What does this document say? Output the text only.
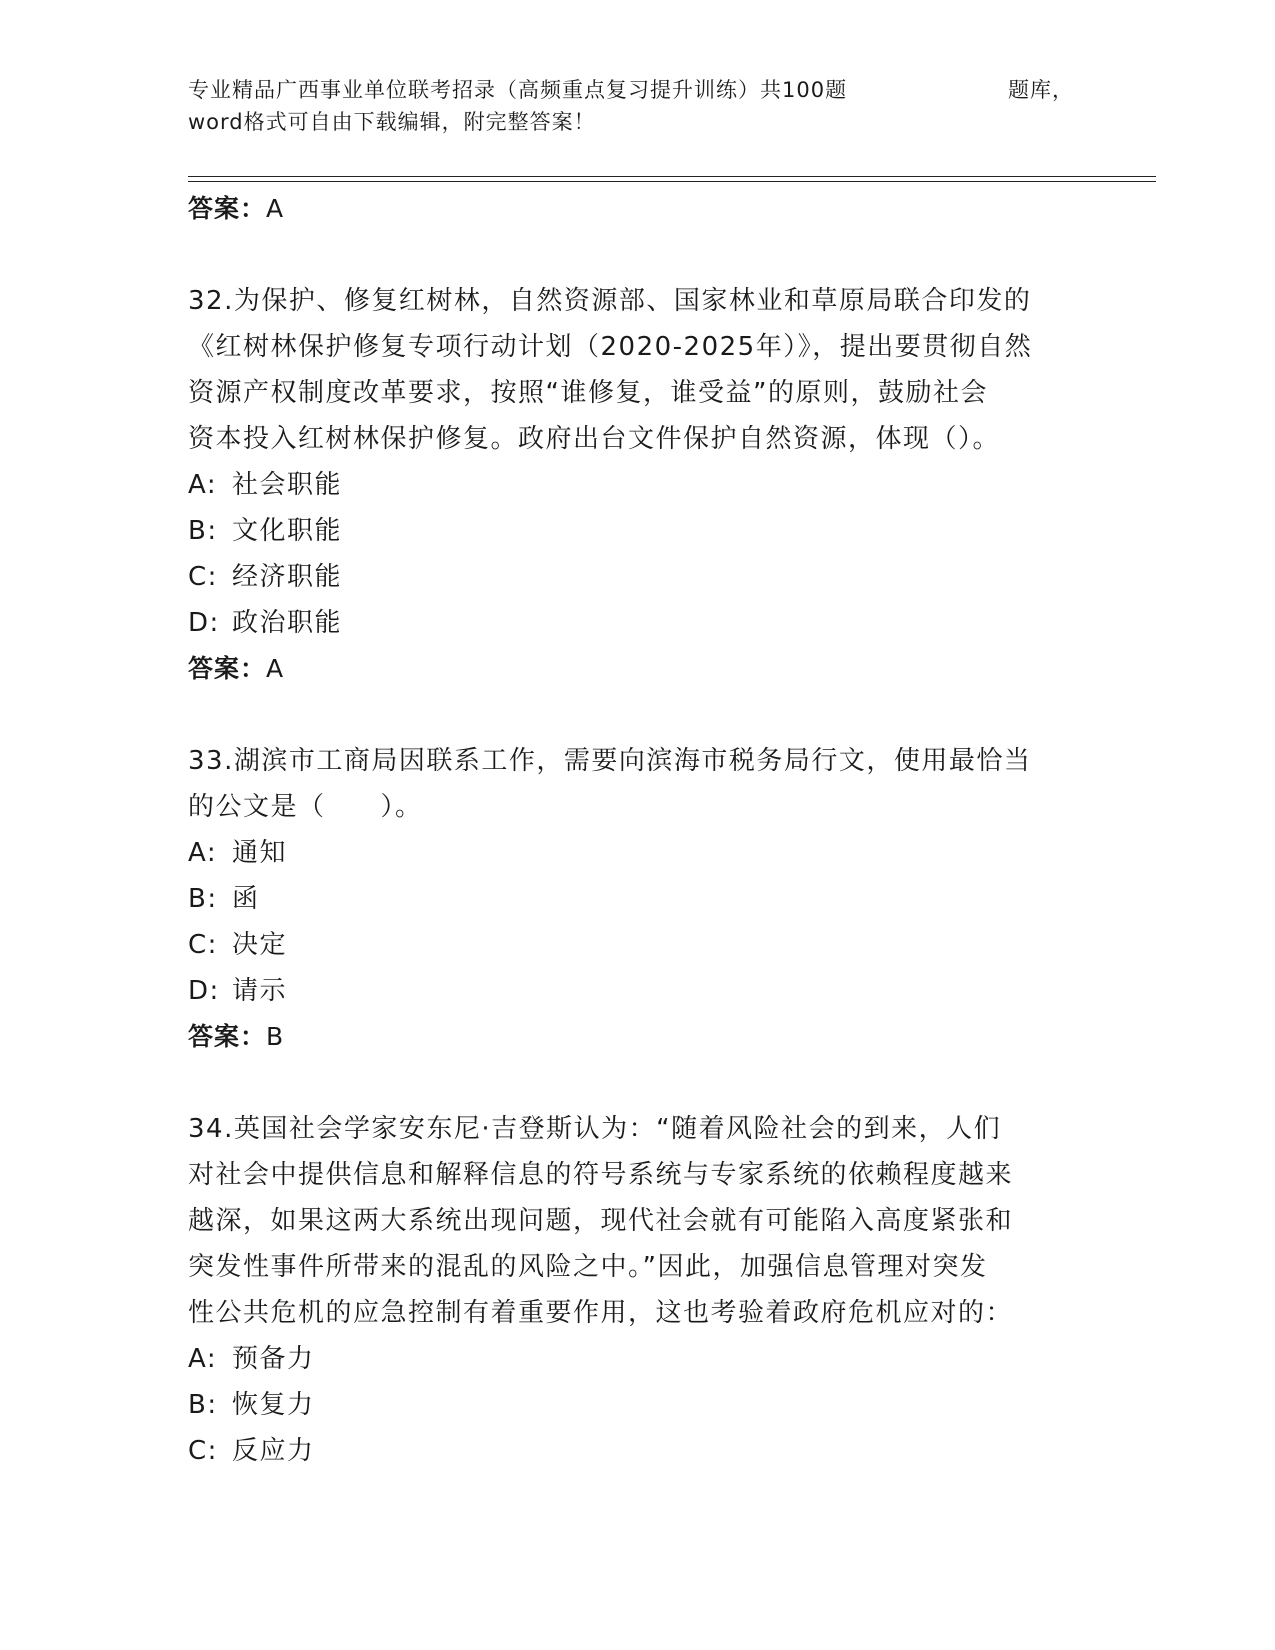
专业精品广西事业单位联考招录（高频重点复习提升训练）共100题	题库，
word格式可自由下载编辑，附完整答案！
答案：A
32.为保护、修复红树林，自然资源部、国家林业和草原局联合印发的
《红树林保护修复专项行动计划（2020-2025年）》，提出要贯彻自然
资源产权制度改革要求，按照“谁修复，谁受益”的原则，鼓励社会
资本投入红树林保护修复。政府出台文件保护自然资源，体现（）。
A: 社会职能
B: 文化职能
C: 经济职能
D: 政治职能
答案：A
33.湖滨市工商局因联系工作，需要向滨海市税务局行文，使用最恰当
的公文是（　　）。
A: 通知
B: 函
C: 决定
D: 请示
答案：B
34.英国社会学家安东尼·吉登斯认为：“随着风险社会的到来，人们
对社会中提供信息和解释信息的符号系统与专家系统的依赖程度越来
越深，如果这两大系统出现问题，现代社会就有可能陷入高度紧张和
突发性事件所带来的混乱的风险之中。”因此，加强信息管理对突发
性公共危机的应急控制有着重要作用，这也考验着政府危机应对的：
A: 预备力
B: 恢复力
C: 反应力
